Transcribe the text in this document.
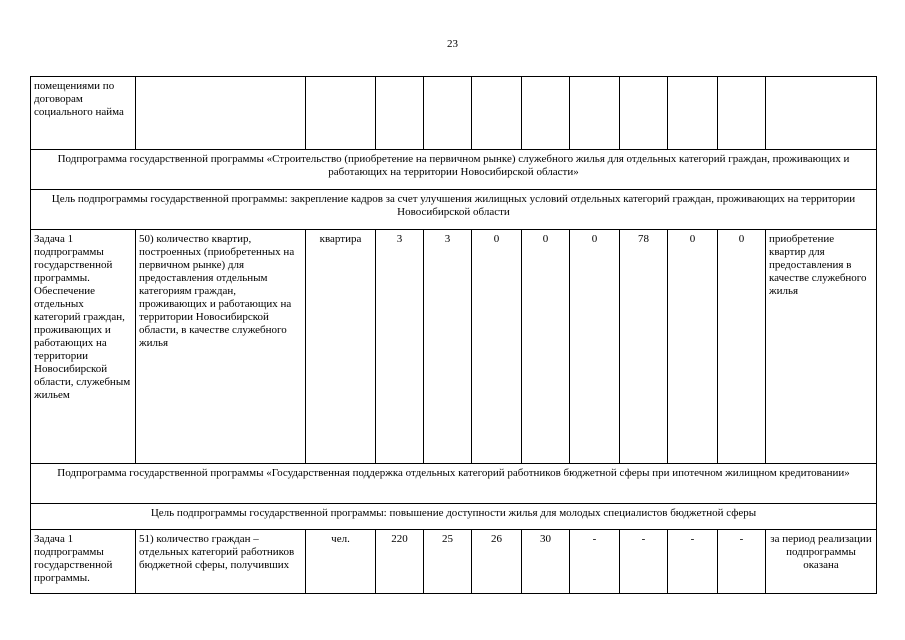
23
помещениями по договорам социального найма											
Подпрограмма государственной программы «Строительство (приобретение на первичном рынке) служебного жилья для отдельных категорий граждан, проживающих и работающих на территории Новосибирской области»											
Цель подпрограммы государственной программы: закрепление кадров за счет улучшения жилищных условий отдельных категорий граждан, проживающих на территории Новосибирской области											
Задача 1 подпрограммы государственной программы. Обеспечение отдельных категорий граждан, проживающих и работающих на территории Новосибирской области, служебным жильем	50) количество квартир, построенных (приобретенных на первичном рынке) для предоставления отдельным категориям граждан, проживающих и работающих на территории Новосибирской области, в качестве служебного жилья	квартира	3	3	0	0	0	78	0	0	приобретение квартир для предоставления в качестве служебного жилья
Подпрограмма государственной программы «Государственная поддержка отдельных категорий работников бюджетной сферы при ипотечном жилищном кредитовании»											
Цель подпрограммы государственной программы: повышение доступности жилья для молодых специалистов бюджетной сферы											
Задача 1 подпрограммы государственной программы.	51) количество граждан – отдельных категорий работников бюджетной сферы, получивших	чел.	220	25	26	30	-	-	-	-	за период реализации подпрограммы оказана
